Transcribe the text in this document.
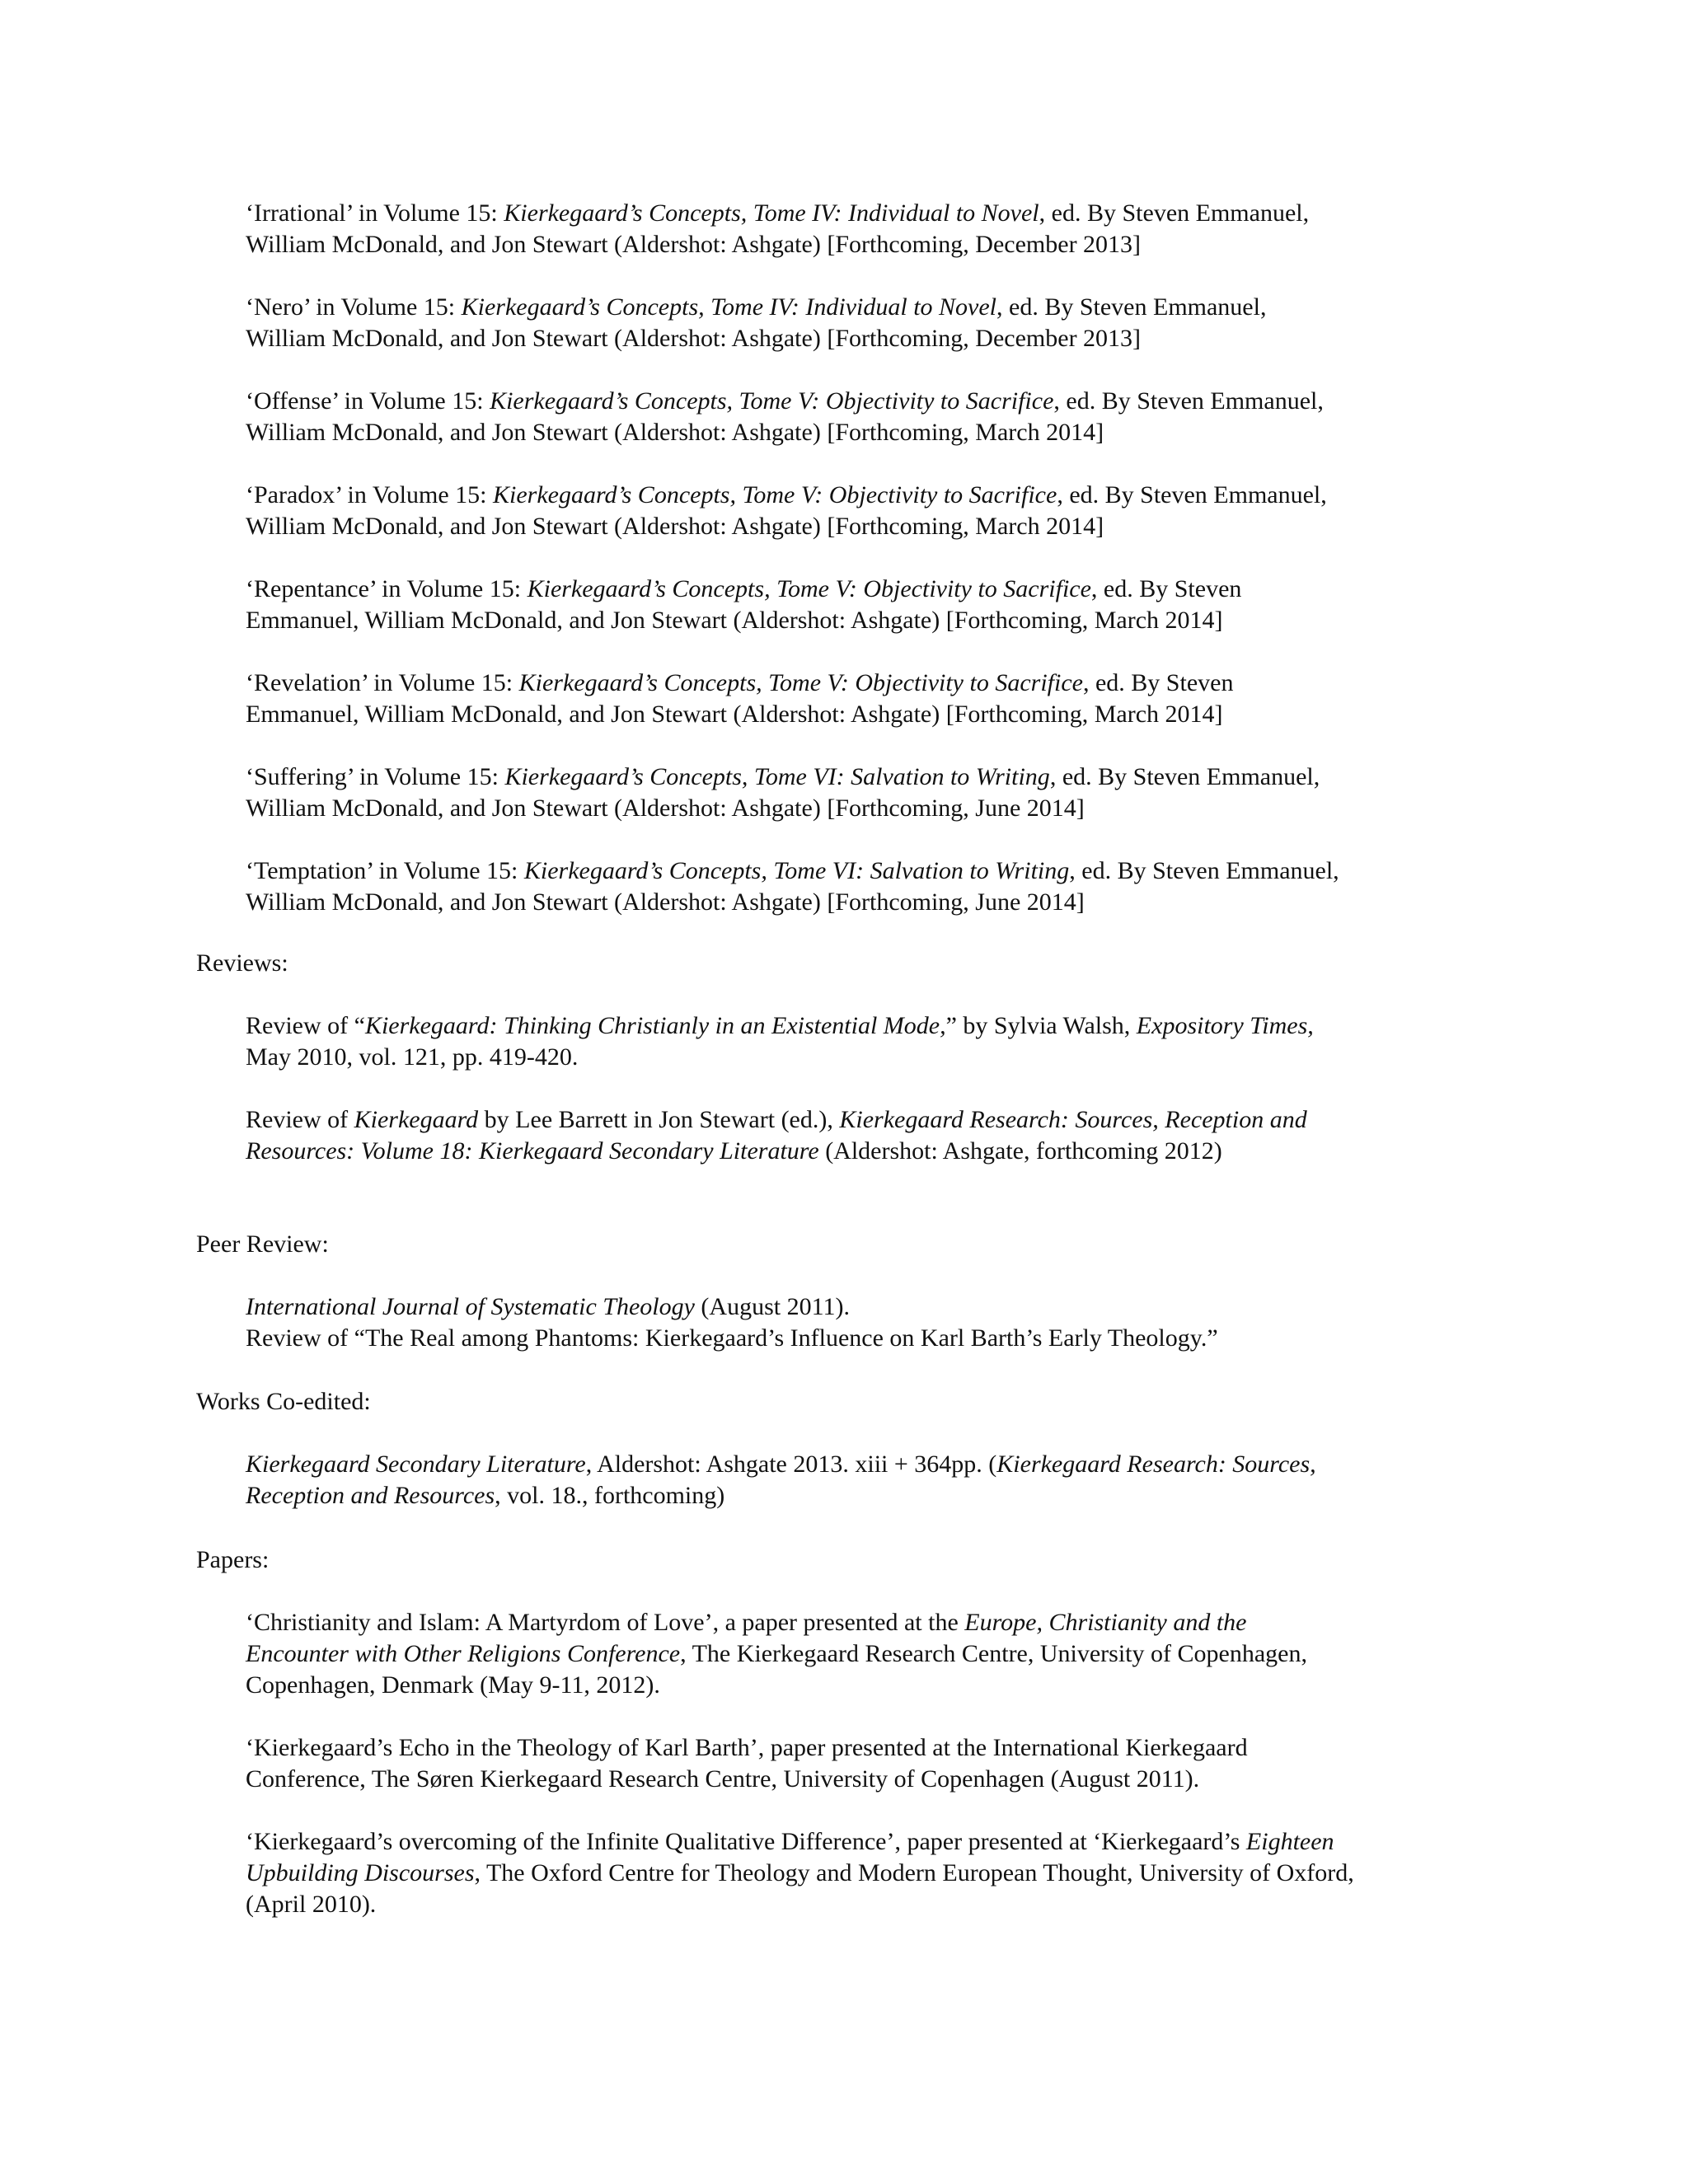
‘Irrational’ in Volume 15: Kierkegaard’s Concepts, Tome IV: Individual to Novel, ed. By Steven Emmanuel,
William McDonald, and Jon Stewart (Aldershot: Ashgate) [Forthcoming, December 2013]

‘Nero’ in Volume 15: Kierkegaard’s Concepts, Tome IV: Individual to Novel, ed. By Steven Emmanuel,
William McDonald, and Jon Stewart (Aldershot: Ashgate) [Forthcoming, December 2013]

‘Offense’ in Volume 15: Kierkegaard’s Concepts, Tome V: Objectivity to Sacrifice, ed. By Steven Emmanuel,
William McDonald, and Jon Stewart (Aldershot: Ashgate) [Forthcoming, March 2014]

‘Paradox’ in Volume 15: Kierkegaard’s Concepts, Tome V: Objectivity to Sacrifice, ed. By Steven Emmanuel,
William McDonald, and Jon Stewart (Aldershot: Ashgate) [Forthcoming, March 2014]

‘Repentance’ in Volume 15: Kierkegaard’s Concepts, Tome V: Objectivity to Sacrifice, ed. By Steven
Emmanuel, William McDonald, and Jon Stewart (Aldershot: Ashgate) [Forthcoming, March 2014]

‘Revelation’ in Volume 15: Kierkegaard’s Concepts, Tome V: Objectivity to Sacrifice, ed. By Steven
Emmanuel, William McDonald, and Jon Stewart (Aldershot: Ashgate) [Forthcoming, March 2014]

‘Suffering’ in Volume 15: Kierkegaard’s Concepts, Tome VI: Salvation to Writing, ed. By Steven Emmanuel,
William McDonald, and Jon Stewart (Aldershot: Ashgate) [Forthcoming, June 2014]

‘Temptation’ in Volume 15: Kierkegaard’s Concepts, Tome VI: Salvation to Writing, ed. By Steven Emmanuel,
William McDonald, and Jon Stewart (Aldershot: Ashgate) [Forthcoming, June 2014]

Reviews:

Review of “Kierkegaard: Thinking Christianly in an Existential Mode,” by Sylvia Walsh, Expository Times,
May 2010, vol. 121, pp. 419-420.

Review of Kierkegaard by Lee Barrett in Jon Stewart (ed.), Kierkegaard Research: Sources, Reception and
Resources: Volume 18: Kierkegaard Secondary Literature (Aldershot: Ashgate, forthcoming 2012)

Peer Review:

International Journal of Systematic Theology (August 2011).
Review of “The Real among Phantoms: Kierkegaard’s Influence on Karl Barth’s Early Theology.”

Works Co-edited:

Kierkegaard Secondary Literature, Aldershot: Ashgate 2013. xiii + 364pp. (Kierkegaard Research: Sources,
Reception and Resources, vol. 18., forthcoming)

Papers:

‘Christianity and Islam: A Martyrdom of Love’, a paper presented at the Europe, Christianity and the
Encounter with Other Religions Conference, The Kierkegaard Research Centre, University of Copenhagen,
Copenhagen, Denmark (May 9-11, 2012).

‘Kierkegaard’s Echo in the Theology of Karl Barth’, paper presented at the International Kierkegaard
Conference, The Søren Kierkegaard Research Centre, University of Copenhagen (August 2011).

‘Kierkegaard’s overcoming of the Infinite Qualitative Difference’, paper presented at ‘Kierkegaard’s Eighteen
Upbuilding Discourses, The Oxford Centre for Theology and Modern European Thought, University of Oxford,
(April 2010).
